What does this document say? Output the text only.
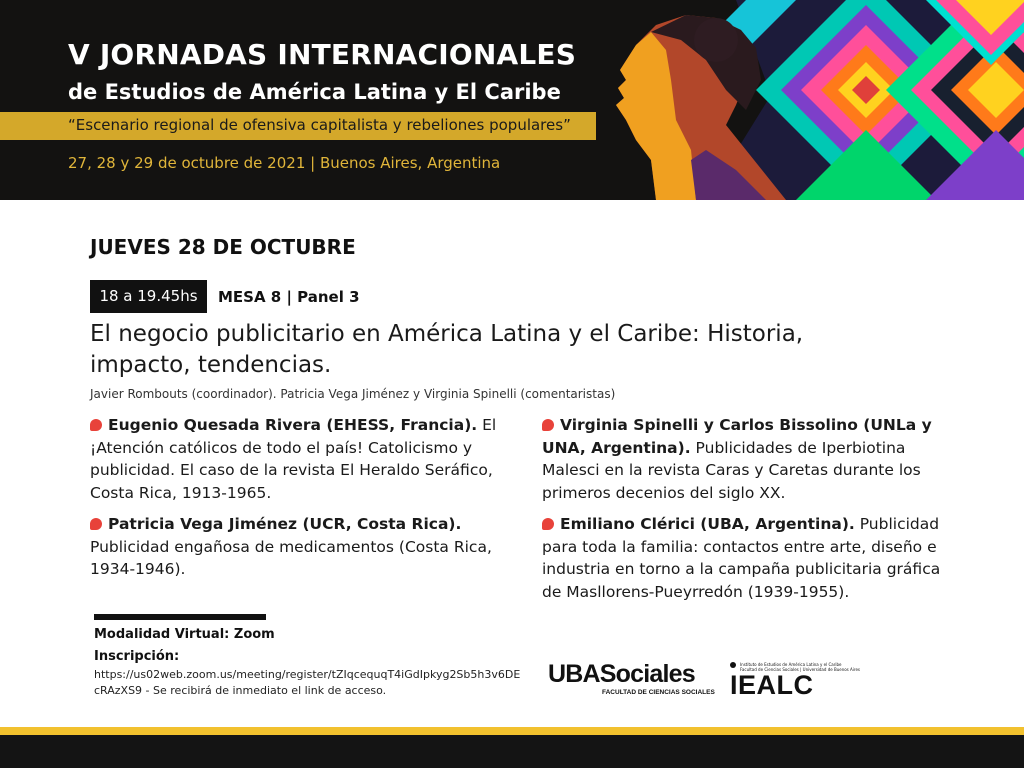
V JORNADAS INTERNACIONALES
de Estudios de América Latina y El Caribe
“Escenario regional de ofensiva capitalista y rebeliones populares”
27, 28 y 29 de octubre de 2021 | Buenos Aires, Argentina
JUEVES 28 DE OCTUBRE
18 a 19.45hs	MESA 8 | Panel 3
El negocio publicitario en América Latina y el Caribe: Historia, impacto, tendencias.
Javier Rombouts (coordinador). Patricia Vega Jiménez y Virginia Spinelli (comentaristas)
Eugenio Quesada Rivera (EHESS, Francia). El ¡Atención católicos de todo el país! Catolicismo y publicidad. El caso de la revista El Heraldo Seráfico, Costa Rica, 1913-1965.
Patricia Vega Jiménez (UCR, Costa Rica). Publicidad engañosa de medicamentos (Costa Rica, 1934-1946).
Virginia Spinelli y Carlos Bissolino (UNLa y UNA, Argentina). Publicidades de Iperbiotina Malesci en la revista Caras y Caretas durante los primeros decenios del siglo XX.
Emiliano Clérici (UBA, Argentina). Publicidad para toda la familia: contactos entre arte, diseño e industria en torno a la campaña publicitaria gráfica de Masllorens-Pueyrredón (1939-1955).
Modalidad Virtual: Zoom
Inscripción:
https://us02web.zoom.us/meeting/register/tZIqcequqT4iGdIpkyg2Sb5h3v6DEcRAzXS9 - Se recibirá de inmediato el link de acceso.
UBASociales
FACULTAD DE CIENCIAS SOCIALES
Instituto de Estudios de América Latina y el Caribe
Facultad de Ciencias Sociales | Universidad de Buenos Aires
IEALC
